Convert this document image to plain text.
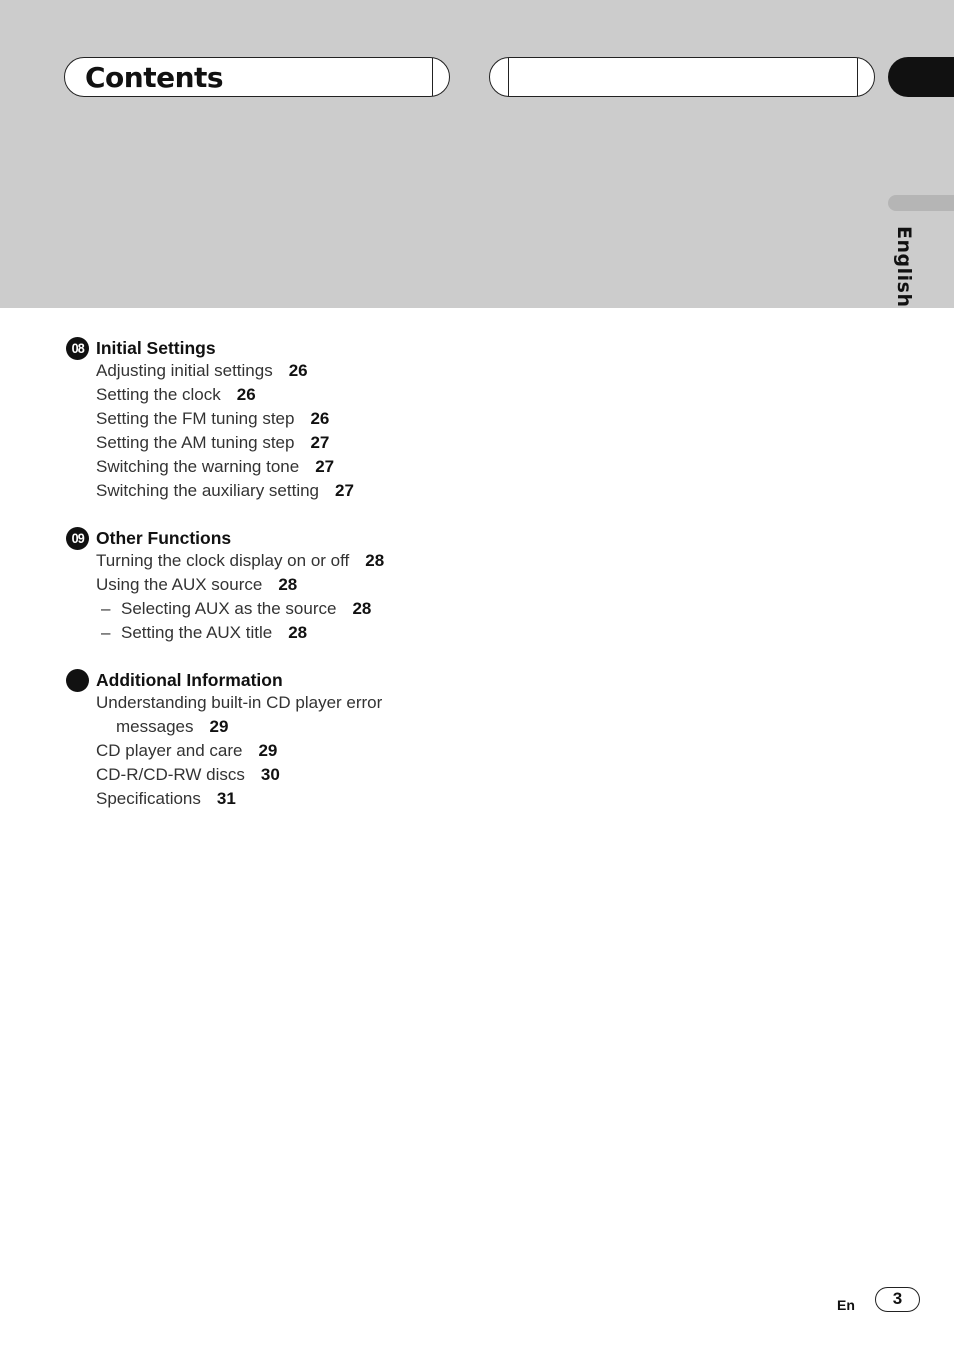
Contents
English
08 Initial Settings
Adjusting initial settings 26
Setting the clock 26
Setting the FM tuning step 26
Setting the AM tuning step 27
Switching the warning tone 27
Switching the auxiliary setting 27
09 Other Functions
Turning the clock display on or off 28
Using the AUX source 28
– Selecting AUX as the source 28
– Setting the AUX title 28
Additional Information
Understanding built-in CD player error
messages 29
CD player and care 29
CD-R/CD-RW discs 30
Specifications 31
En	3
